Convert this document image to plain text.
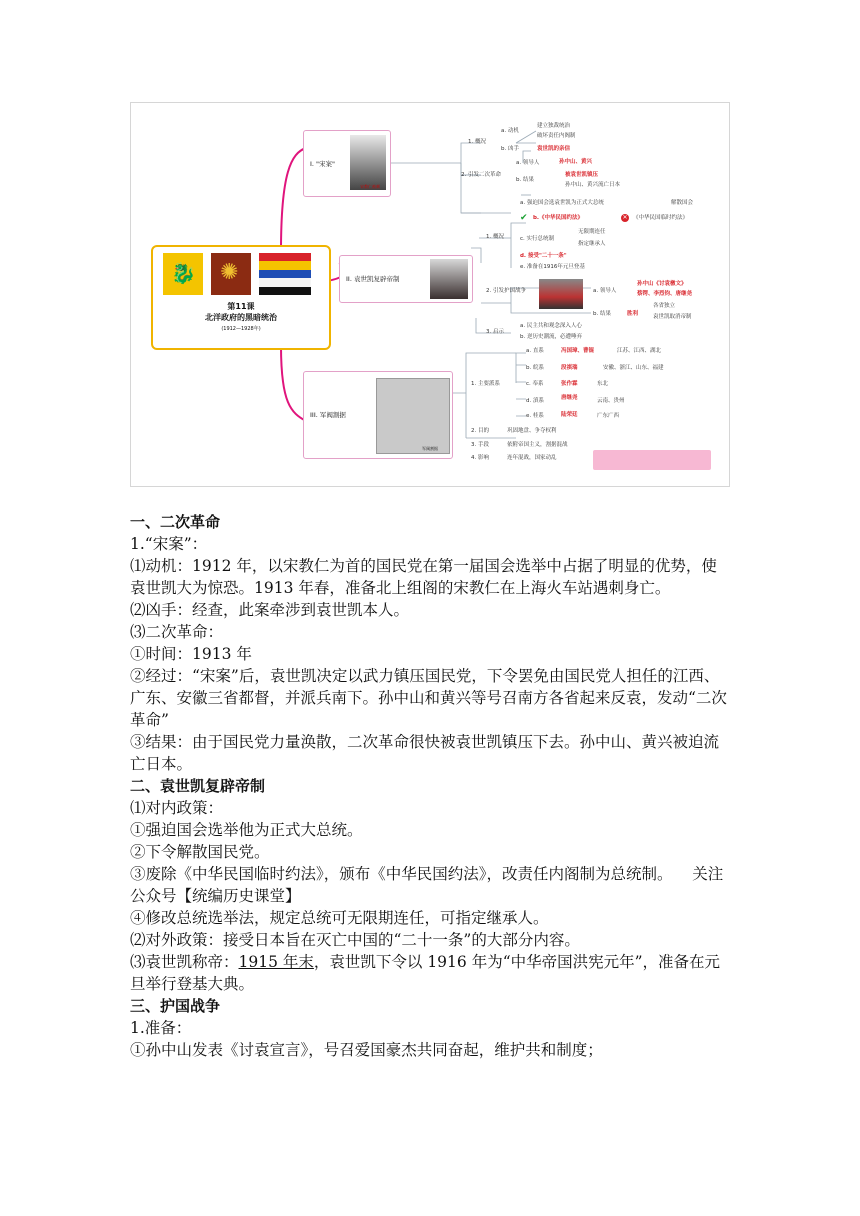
🐉 ✺
第11课
北洋政府的黑暗统治
(1912—1928年)
I. "宋案"
宋教仁被刺
1. 概况
a. 动机
建立独裁统治
破坏责任内阁制
b. 凶手	袁世凯的亲信
2. 引发二次革命
a. 领导人	孙中山、黄兴
b. 结果
被袁世凯镇压
孙中山、黄兴流亡日本
II. 袁世凯复辟帝制
1. 概况
a. 强迫国会选袁世凯为正式大总统	解散国会
✔ b.《中华民国约法》	✕ 《中华民国临时约法》
c. 实行总统制
无限期连任
指定继承人
d. 接受"二十一条"
e. 准备在1916年元旦登基
2. 引发护国战争	a. 领导人
孙中山《讨袁檄文》
蔡锷、李烈钧、唐继尧
b. 结果	胜利
各省独立
袁世凯取消帝制
3. 启示
a. 民主共和观念深入人心
b. 逆历史潮流，必遭唾弃
III. 军阀割据
军阀割据
1. 主要派系
a. 直系	冯国璋、曹锟	江苏、江西、湖北
b. 皖系	段祺瑞	安徽、浙江、山东、福建
c. 奉系	张作霖	东北
d. 滇系	唐继尧	云南、贵州
e. 桂系	陆荣廷	广东广西
2. 目的	巩固地盘、争夺权利
3. 手段	依附帝国主义，割据混战
4. 影响	连年混战，国家动乱

一、二次革命

1.“宋案”：

⑴动机：1912 年，以宋教仁为首的国民党在第一届国会选举中占据了明显的优势，使袁世凯大为惊恐。1913 年春，准备北上组阁的宋教仁在上海火车站遇刺身亡。

⑵凶手：经查，此案牵涉到袁世凯本人。

⑶二次革命：

①时间：1913 年

②经过：“宋案”后，袁世凯决定以武力镇压国民党，下令罢免由国民党人担任的江西、广东、安徽三省都督，并派兵南下。孙中山和黄兴等号召南方各省起来反袁，发动“二次革命”

③结果：由于国民党力量涣散，二次革命很快被袁世凯镇压下去。孙中山、黄兴被迫流亡日本。

二、袁世凯复辟帝制

⑴对内政策：

①强迫国会选举他为正式大总统。

②下令解散国民党。

③废除《中华民国临时约法》，颁布《中华民国约法》，改责任内阁制为总统制。 关注公众号【统编历史课堂】

④修改总统选举法，规定总统可无限期连任，可指定继承人。

⑵对外政策：接受日本旨在灭亡中国的“二十一条”的大部分内容。

⑶袁世凯称帝：1915 年末，袁世凯下令以 1916 年为“中华帝国洪宪元年”，准备在元旦举行登基大典。

三、护国战争

1.准备：

①孙中山发表《讨袁宣言》，号召爱国豪杰共同奋起，维护共和制度；
